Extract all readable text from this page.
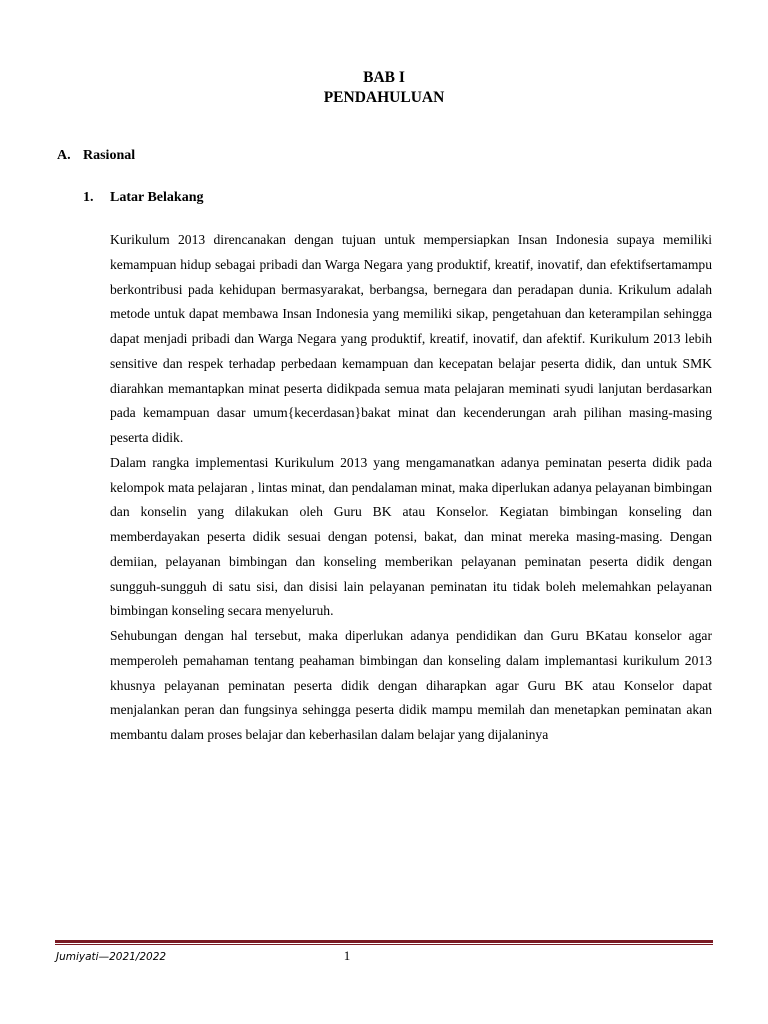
BAB I
PENDAHULUAN
A. Rasional
1. Latar Belakang

Kurikulum 2013 direncanakan dengan tujuan untuk mempersiapkan Insan Indonesia supaya memiliki kemampuan hidup sebagai pribadi dan Warga Negara yang produktif, kreatif, inovatif, dan efektifsertamampu berkontribusi pada kehidupan bermasyarakat, berbangsa, bernegara dan peradapan dunia. Krikulum adalah metode untuk dapat membawa Insan Indonesia yang memiliki sikap, pengetahuan dan keterampilan sehingga dapat menjadi pribadi dan Warga Negara yang produktif, kreatif, inovatif, dan afektif. Kurikulum 2013 lebih sensitive dan respek terhadap perbedaan kemampuan dan kecepatan belajar peserta didik, dan untuk SMK diarahkan memantapkan minat peserta didikpada semua mata pelajaran meminati syudi lanjutan berdasarkan pada kemampuan dasar umum{kecerdasan}bakat minat dan kecenderungan arah pilihan masing-masing peserta didik.

Dalam rangka implementasi Kurikulum 2013 yang mengamanatkan adanya peminatan peserta didik pada kelompok mata pelajaran , lintas minat, dan pendalaman minat, maka diperlukan adanya pelayanan bimbingan dan konselin yang dilakukan oleh Guru BK atau Konselor. Kegiatan bimbingan konseling dan memberdayakan peserta didik sesuai dengan potensi, bakat, dan minat mereka masing-masing. Dengan demiian, pelayanan bimbingan dan konseling memberikan pelayanan peminatan peserta didik dengan sungguh-sungguh di satu sisi, dan disisi lain pelayanan peminatan itu tidak boleh melemahkan pelayanan bimbingan konseling secara menyeluruh.

Sehubungan dengan hal tersebut, maka diperlukan adanya pendidikan dan Guru BKatau konselor agar memperoleh pemahaman tentang peahaman bimbingan dan konseling dalam implemantasi kurikulum 2013 khusnya pelayanan peminatan peserta didik dengan diharapkan agar Guru BK atau Konselor dapat menjalankan peran dan fungsinya sehingga peserta didik mampu memilah dan menetapkan peminatan akan membantu dalam proses belajar dan keberhasilan dalam belajar yang dijalaninya

Jumiyati—2021/2022	1
